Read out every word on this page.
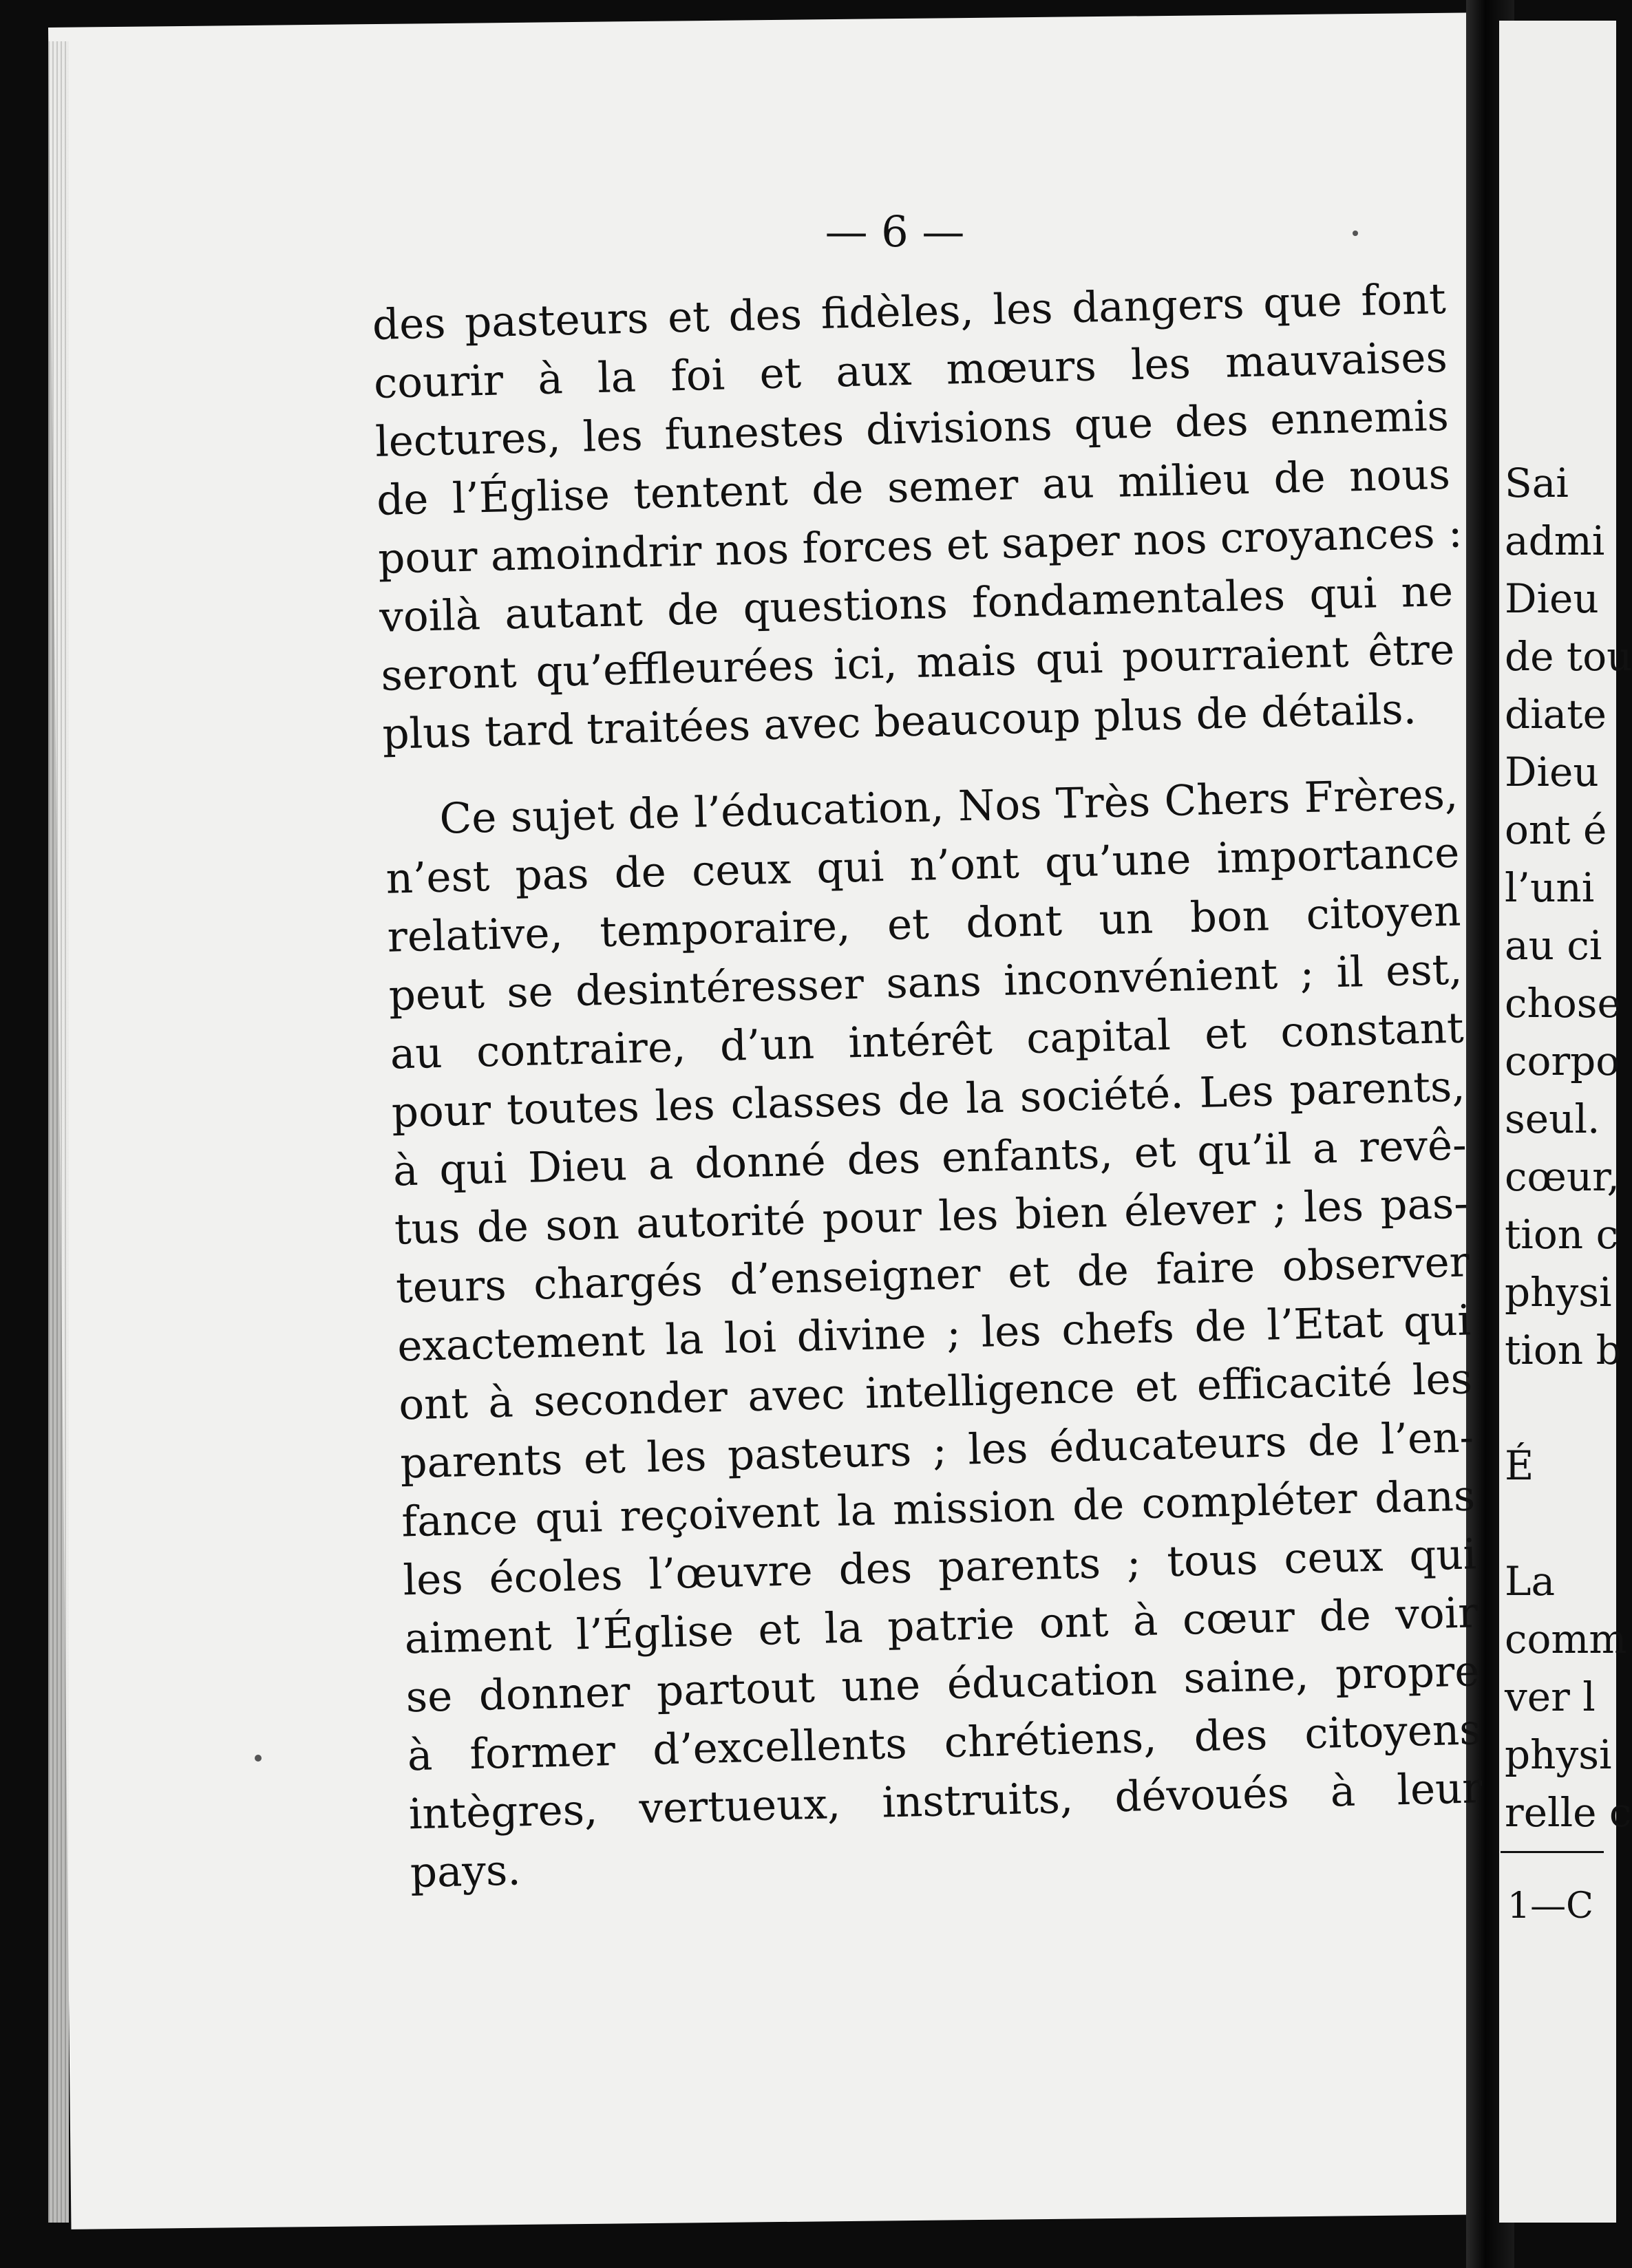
— 6 —

des pasteurs et des fidèles, les dangers que font
courir à la foi et aux mœurs les mauvaises
lectures, les funestes divisions que des ennemis
de l’Église tentent de semer au milieu de nous
pour amoindrir nos forces et saper nos croyances :
voilà autant de questions fondamentales qui ne
seront qu’effleurées ici, mais qui pourraient être
plus tard traitées avec beaucoup plus de détails.

Ce sujet de l’éducation, Nos Très Chers Frères,
n’est pas de ceux qui n’ont qu’une importance
relative, temporaire, et dont un bon citoyen
peut se desintéresser sans inconvénient ; il est,
au contraire, d’un intérêt capital et constant
pour toutes les classes de la société. Les parents,
à qui Dieu a donné des enfants, et qu’il a revê-
tus de son autorité pour les bien élever ; les pas-
teurs chargés d’enseigner et de faire observer
exactement la loi divine ; les chefs de l’Etat qui
ont à seconder avec intelligence et efficacité les
parents et les pasteurs ; les éducateurs de l’en-
fance qui reçoivent la mission de compléter dans
les écoles l’œuvre des parents ; tous ceux qui
aiment l’Église et la patrie ont à cœur de voir
se donner partout une éducation saine, propre
à former d’excellents chrétiens, des citoyens
intègres, vertueux, instruits, dévoués à leur
pays.

Sai
admi
Dieu
de tou
diate
Dieu
ont é
l’uni
au ci
chose
corpo
seul.
cœur,
tion c
physi
tion b

É

La
comm
ver l
physi
relle c
1—C
